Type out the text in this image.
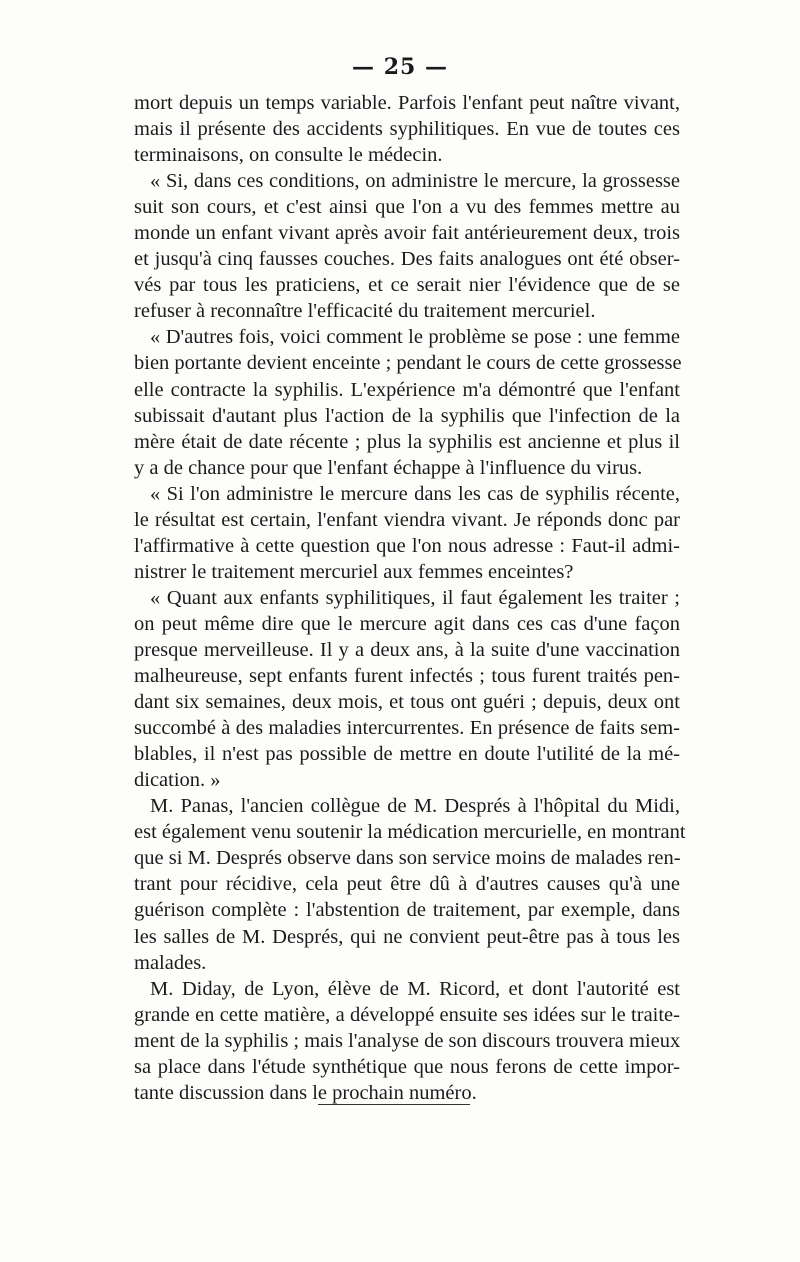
— 25 —
mort depuis un temps variable. Parfois l'enfant peut naître vivant,
mais il présente des accidents syphilitiques. En vue de toutes ces
terminaisons, on consulte le médecin.
« Si, dans ces conditions, on administre le mercure, la grossesse
suit son cours, et c'est ainsi que l'on a vu des femmes mettre au
monde un enfant vivant après avoir fait antérieurement deux, trois
et jusqu'à cinq fausses couches. Des faits analogues ont été obser-
vés par tous les praticiens, et ce serait nier l'évidence que de se
refuser à reconnaître l'efficacité du traitement mercuriel.
« D'autres fois, voici comment le problème se pose : une femme
bien portante devient enceinte ; pendant le cours de cette grossesse
elle contracte la syphilis. L'expérience m'a démontré que l'enfant
subissait d'autant plus l'action de la syphilis que l'infection de la
mère était de date récente ; plus la syphilis est ancienne et plus il
y a de chance pour que l'enfant échappe à l'influence du virus.
« Si l'on administre le mercure dans les cas de syphilis récente,
le résultat est certain, l'enfant viendra vivant. Je réponds donc par
l'affirmative à cette question que l'on nous adresse : Faut-il admi-
nistrer le traitement mercuriel aux femmes enceintes?
« Quant aux enfants syphilitiques, il faut également les traiter ;
on peut même dire que le mercure agit dans ces cas d'une façon
presque merveilleuse. Il y a deux ans, à la suite d'une vaccination
malheureuse, sept enfants furent infectés ; tous furent traités pen-
dant six semaines, deux mois, et tous ont guéri ; depuis, deux ont
succombé à des maladies intercurrentes. En présence de faits sem-
blables, il n'est pas possible de mettre en doute l'utilité de la mé-
dication. »
M. Panas, l'ancien collègue de M. Després à l'hôpital du Midi,
est également venu soutenir la médication mercurielle, en montrant
que si M. Després observe dans son service moins de malades ren-
trant pour récidive, cela peut être dû à d'autres causes qu'à une
guérison complète : l'abstention de traitement, par exemple, dans
les salles de M. Després, qui ne convient peut-être pas à tous les
malades.
M. Diday, de Lyon, élève de M. Ricord, et dont l'autorité est
grande en cette matière, a développé ensuite ses idées sur le traite-
ment de la syphilis ; mais l'analyse de son discours trouvera mieux
sa place dans l'étude synthétique que nous ferons de cette impor-
tante discussion dans le prochain numéro.
